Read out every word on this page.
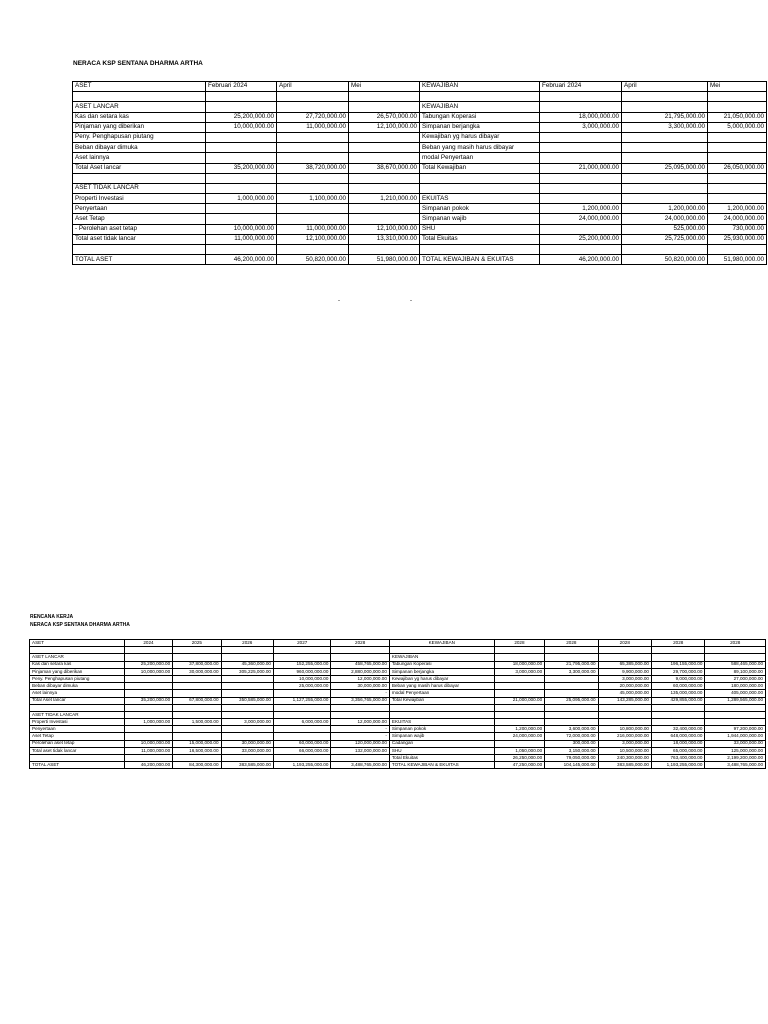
NERACA KSP SENTANA DHARMA ARTHA
ASET	Februari 2024	April	Mei	KEWAJIBAN	Februari 2024	April	Mei

ASET LANCAR				KEWAJIBAN			
Kas dan setara kas	25,200,000.00	27,720,000.00	26,570,000.00	Tabungan Koperasi	18,000,000.00	21,795,000.00	21,050,000.00
Pinjaman yang diberikan	10,000,000.00	11,000,000.00	12,100,000.00	Simpanan berjangka	3,000,000.00	3,300,000.00	5,000,000.00
Peny. Penghapusan piutang				Kewajiban yg harus dibayar			
Beban dibayar dimuka				Beban yang masih harus dibayar			
Aset lainnya				modal Penyertaan			
Total Aset lancar	35,200,000.00	38,720,000.00	38,670,000.00	Total Kewajiban	21,000,000.00	25,095,000.00	26,050,000.00

ASET TIDAK LANCAR							
Properti Investasi	1,000,000.00	1,100,000.00	1,210,000.00	EKUITAS			
Penyertaan				Simpanan pokok	1,200,000.00	1,200,000.00	1,200,000.00
Aset Tetap				Simpanan wajib	24,000,000.00	24,000,000.00	24,000,000.00
- Perolehan aset tetap	10,000,000.00	11,000,000.00	12,100,000.00	SHU		525,000.00	730,000.00
Total aset tidak lancar	11,000,000.00	12,100,000.00	13,310,000.00	Total Ekuitas	25,200,000.00	25,725,000.00	25,930,000.00

TOTAL ASET	46,200,000.00	50,820,000.00	51,980,000.00	TOTAL KEWAJIBAN & EKUITAS	46,200,000.00	50,820,000.00	51,980,000.00
-	-
RENCANA KERJA
NERACA KSP SENTANA DHARMA ARTHA
ASET	2024	2025	2026	2027	2028	KEWAJIBAN	2028	2028	2028	2028	2028

ASET LANCAR						KEWAJIBAN					
Kas dan setara kas	25,200,000.00	37,800,000.00	45,360,000.00	152,255,000.00	458,765,000.00	Tabungan Koperasi	18,000,000.00	21,795,000.00	65,385,000.00	196,155,000.00	588,465,000.00
Pinjaman yang diberikan	10,000,000.00	30,000,000.00	305,225,000.00	960,000,000.00	2,880,000,000.00	Simpanan berjangka	3,000,000.00	3,300,000.00	9,900,000.00	29,700,000.00	89,100,000.00
Peny. Penghapusan piutang				10,000,000.00	12,000,000.00	Kewajiban yg harus dibayar			3,000,000.00	9,000,000.00	27,000,000.00
Beban dibayar dimuka				25,000,000.00	30,000,000.00	Beban yang masih harus dibayar			20,000,000.00	60,000,000.00	180,000,000.00
Aset lainnya					-	modal Penyertaan			45,000,000.00	135,000,000.00	405,000,000.00
Total Aset lancar	35,200,000.00	67,800,000.00	350,585,000.00	1,127,255,000.00	3,356,765,000.00	Total Kewajiban	21,000,000.00	25,095,000.00	143,285,000.00	429,855,000.00	1,289,565,000.00

ASET TIDAK LANCAR											
Properti Investasi	1,000,000.00	1,500,000.00	3,000,000.00	6,000,000.00	12,000,000.00	EKUITAS					
Penyertaan					-	Simpanan pokok	1,200,000.00	3,600,000.00	10,800,000.00	32,400,000.00	97,200,000.00
Aset Tetap					-	Simpanan wajib	24,000,000.00	72,000,000.00	216,000,000.00	648,000,000.00	1,944,000,000.00
Perolehan aset tetap	10,000,000.00	15,000,000.00	30,000,000.00	60,000,000.00	120,000,000.00	Cadangan		300,000.00	3,000,000.00	18,000,000.00	33,000,000.00
Total aset tidak lancar	11,000,000.00	16,500,000.00	33,000,000.00	66,000,000.00	132,000,000.00	SHU	1,050,000.00	3,150,000.00	10,500,000.00	65,000,000.00	125,000,000.00
						Total Ekuitas	26,250,000.00	79,050,000.00	240,300,000.00	763,400,000.00	2,199,200,000.00
TOTAL ASET	46,200,000.00	84,300,000.00	383,585,000.00	1,193,255,000.00	3,488,765,000.00	TOTAL KEWAJIBAN & EKUITAS	47,250,000.00	104,145,000.00	383,585,000.00	1,193,255,000.00	3,488,765,000.00
